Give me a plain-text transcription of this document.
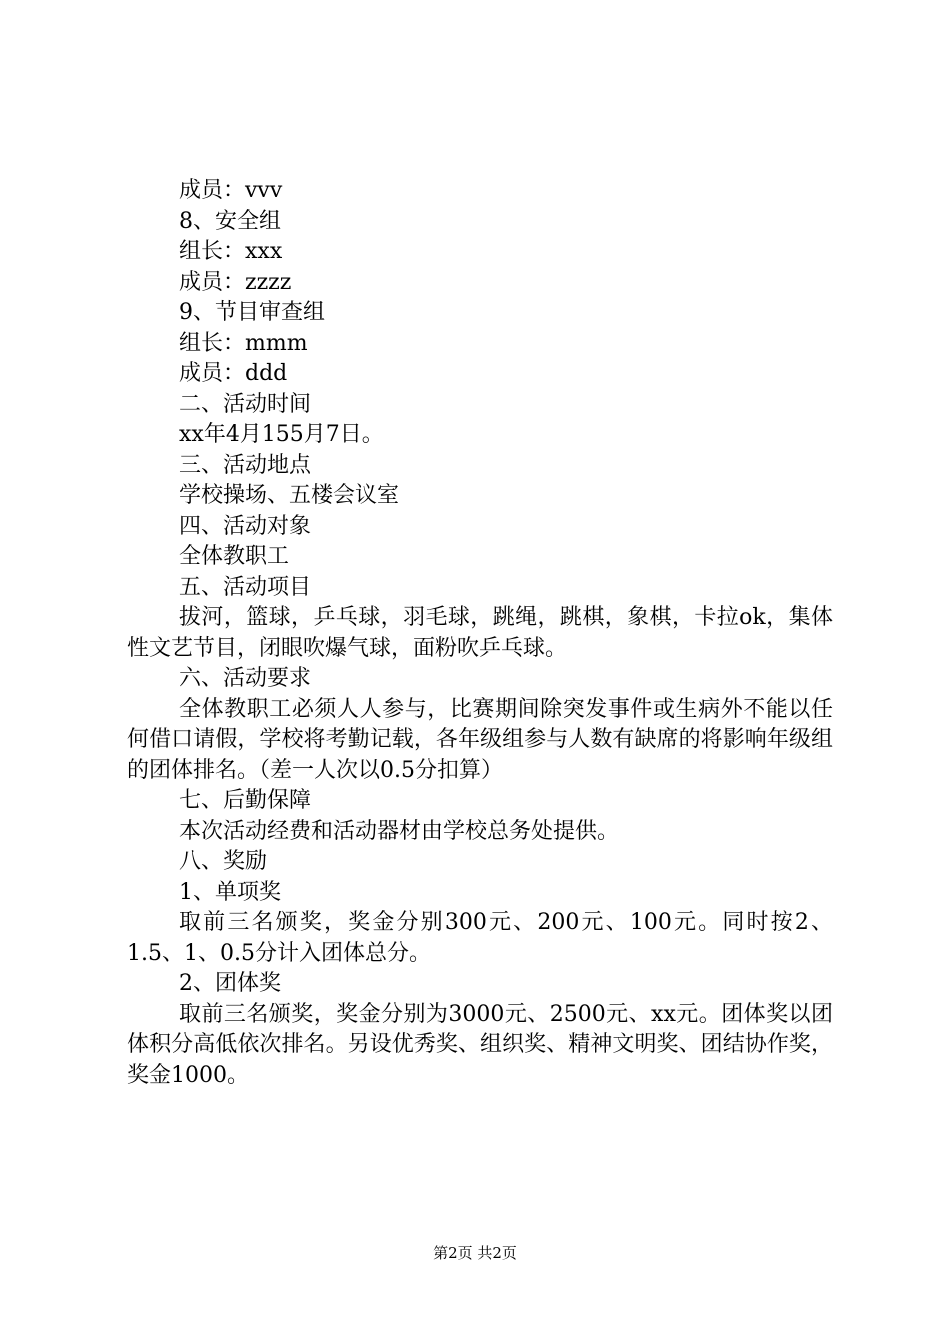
成员：vvv

8、安全组

组长：xxx

成员：zzzz

9、节目审查组

组长：mmm

成员：ddd

二、活动时间

xx年4月155月7日。

三、活动地点

学校操场、五楼会议室

四、活动对象

全体教职工

五、活动项目

拔河，篮球，乒乓球，羽毛球，跳绳，跳棋，象棋，卡拉ok，集体性文艺节目，闭眼吹爆气球，面粉吹乒乓球。

六、活动要求

全体教职工必须人人参与，比赛期间除突发事件或生病外不能以任何借口请假，学校将考勤记载，各年级组参与人数有缺席的将影响年级组的团体排名。（差一人次以0.5分扣算）

七、后勤保障

本次活动经费和活动器材由学校总务处提供。

八、奖励

1、单项奖

取前三名颁奖，奖金分别300元、200元、100元。同时按2、1.5、1、0.5分计入团体总分。

2、团体奖

取前三名颁奖，奖金分别为3000元、2500元、xx元。团体奖以团体积分高低依次排名。另设优秀奖、组织奖、精神文明奖、团结协作奖，奖金1000。

第2页 共2页
